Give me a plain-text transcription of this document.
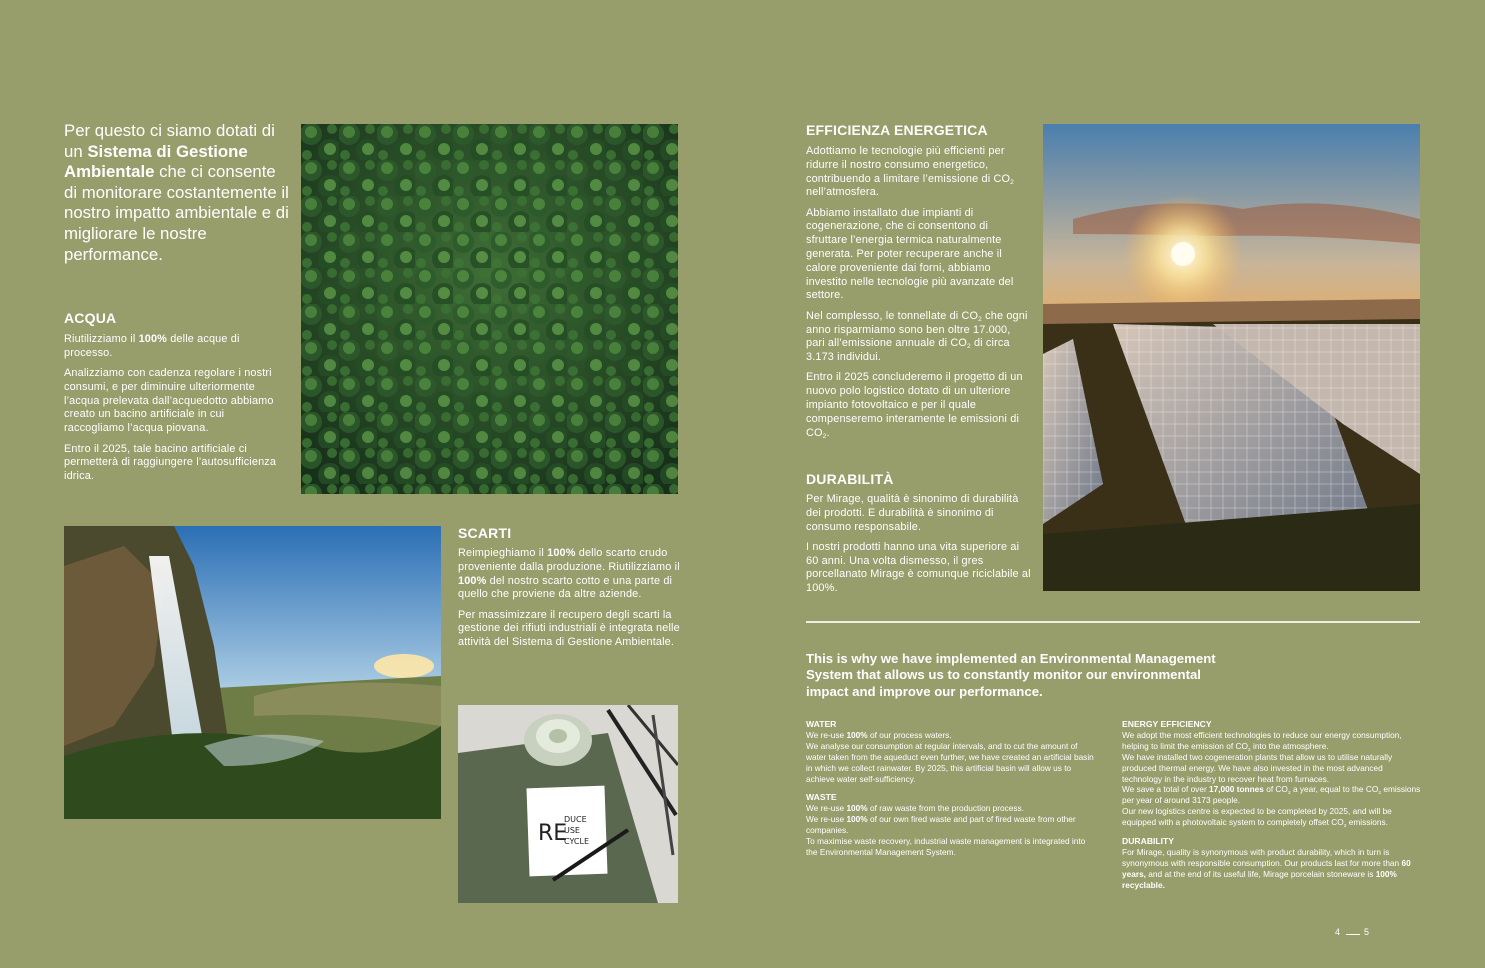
Per questo ci siamo dotati di un Sistema di Gestione Ambientale che ci consente di monitorare costantemente il nostro impatto ambientale e di migliorare le nostre performance.
ACQUA

Riutilizziamo il 100% delle acque di processo.

Analizziamo con cadenza regolare i nostri consumi, e per diminuire ulteriormente l’acqua prelevata dall’acquedotto abbiamo creato un bacino artificiale in cui raccogliamo l’acqua piovana.

Entro il 2025, tale bacino artificiale ci permetterà di raggiungere l’autosufficienza idrica.

SCARTI

Reimpieghiamo il 100% dello scarto crudo proveniente dalla produzione. Riutilizziamo il 100% del nostro scarto cotto e una parte di quello che proviene da altre aziende.

Per massimizzare il recupero degli scarti la gestione dei rifiuti industriali è integrata nelle attività del Sistema di Gestione Ambientale.

RE
DUCE
USE
CYCLE
EFFICIENZA ENERGETICA

Adottiamo le tecnologie più efficienti per ridurre il nostro consumo energetico, contribuendo a limitare l’emissione di $CO_2$ nell’atmosfera.

Abbiamo installato due impianti di cogenerazione, che ci consentono di sfruttare l’energia termica naturalmente generata. Per poter recuperare anche il calore proveniente dai forni, abbiamo investito nelle tecnologie più avanzate del settore.

Nel complesso, le tonnellate di $CO_2$ che ogni anno risparmiamo sono ben oltre 17.000, pari all’emissione annuale di $CO_2$ di circa 3.173 individui.

Entro il 2025 concluderemo il progetto di un nuovo polo logistico dotato di un ulteriore impianto fotovoltaico e per il quale compenseremo interamente le emissioni di $CO_2$.

DURABILITÀ

Per Mirage, qualità è sinonimo di durabilità dei prodotti. E durabilità è sinonimo di consumo responsabile.

I nostri prodotti hanno una vita superiore ai 60 anni. Una volta dismesso, il gres porcellanato Mirage è comunque riciclabile al 100%.

This is why we have implemented an Environmental Management System that allows us to constantly monitor our environmental impact and improve our performance.

WATER

We re-use 100% of our process waters.

We analyse our consumption at regular intervals, and to cut the amount of water taken from the aqueduct even further, we have created an artificial basin in which we collect rainwater. By 2025, this artificial basin will allow us to achieve water self-sufficiency.

WASTE

We re-use 100% of raw waste from the production process.

We re-use 100% of our own fired waste and part of fired waste from other companies.

To maximise waste recovery, industrial waste management is integrated into the Environmental Management System.

ENERGY EFFICIENCY

We adopt the most efficient technologies to reduce our energy consumption, helping to limit the emission of $CO_2$ into the atmosphere.

We have installed two cogeneration plants that allow us to utilise naturally produced thermal energy. We have also invested in the most advanced technology in the industry to recover heat from furnaces.

We save a total of over 17,000 tonnes of $CO_2$ a year, equal to the $CO_2$ emissions per year of around 3173 people.

Our new logistics centre is expected to be completed by 2025, and will be equipped with a photovoltaic system to completely offset $CO_2$ emissions.

DURABILITY

For Mirage, quality is synonymous with product durability, which in turn is synonymous with responsible consumption. Our products last for more than 60 years, and at the end of its useful life, Mirage porcelain stoneware is 100% recyclable.

4	5
